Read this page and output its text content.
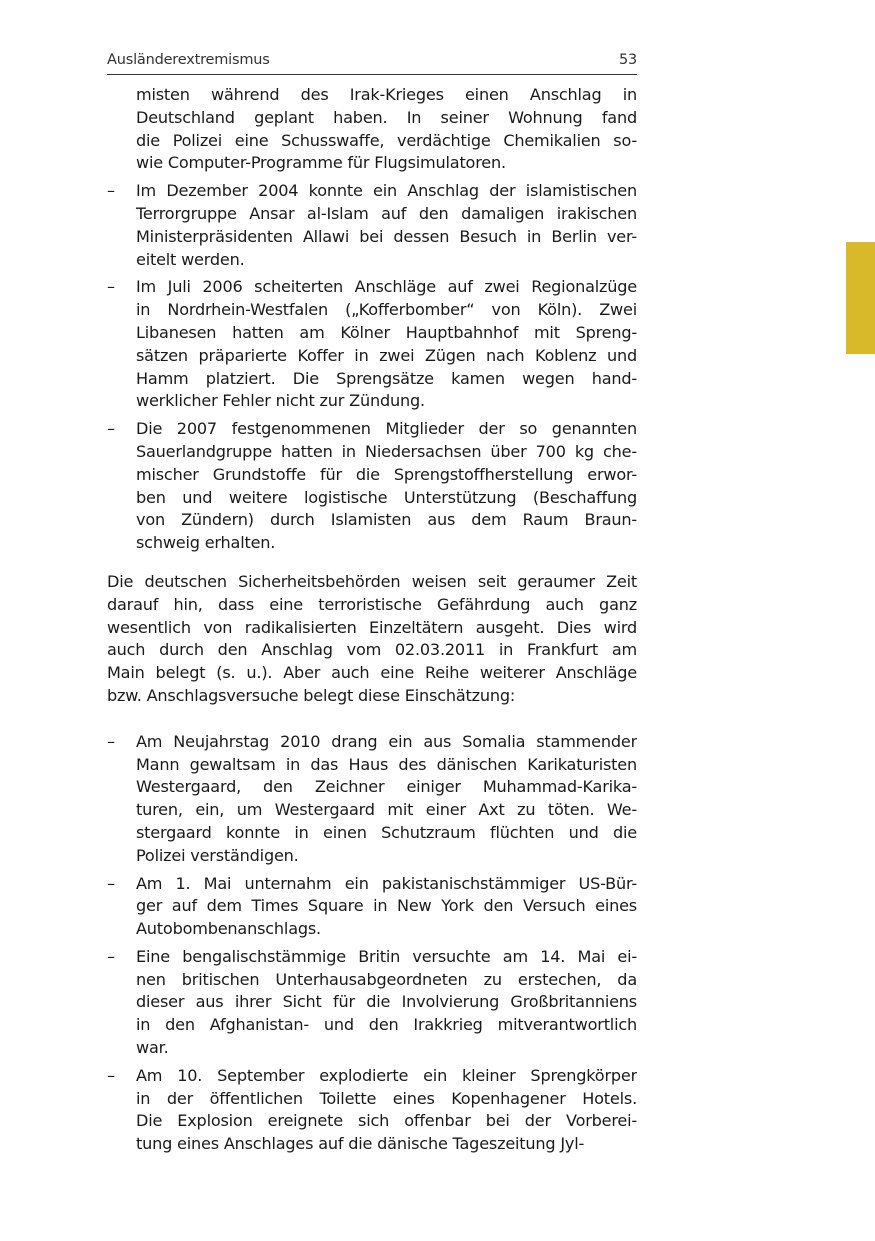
Ausländerextremismus	53
misten während des Irak-Krieges einen Anschlag in
Deutschland geplant haben. In seiner Wohnung fand
die Polizei eine Schusswaffe, verdächtige Chemikalien so-
wie Computer-Programme für Flugsimulatoren.
–	Im Dezember 2004 konnte ein Anschlag der islamistischen
Terrorgruppe Ansar al-Islam auf den damaligen irakischen
Ministerpräsidenten Allawi bei dessen Besuch in Berlin ver-
eitelt werden.
–	Im Juli 2006 scheiterten Anschläge auf zwei Regionalzüge
in Nordrhein-Westfalen („Kofferbomber“ von Köln). Zwei
Libanesen hatten am Kölner Hauptbahnhof mit Spreng-
sätzen präparierte Koffer in zwei Zügen nach Koblenz und
Hamm platziert. Die Sprengsätze kamen wegen hand-
werklicher Fehler nicht zur Zündung.
–	Die 2007 festgenommenen Mitglieder der so genannten
Sauerlandgruppe hatten in Niedersachsen über 700 kg che-
mischer Grundstoffe für die Sprengstoffherstellung erwor-
ben und weitere logistische Unterstützung (Beschaffung
von Zündern) durch Islamisten aus dem Raum Braun-
schweig erhalten.
Die deutschen Sicherheitsbehörden weisen seit geraumer Zeit
darauf hin, dass eine terroristische Gefährdung auch ganz
wesentlich von radikalisierten Einzeltätern ausgeht. Dies wird
auch durch den Anschlag vom 02.03.2011 in Frankfurt am
Main belegt (s. u.). Aber auch eine Reihe weiterer Anschläge
bzw. Anschlagsversuche belegt diese Einschätzung:
–	Am Neujahrstag 2010 drang ein aus Somalia stammender
Mann gewaltsam in das Haus des dänischen Karikaturisten
Westergaard, den Zeichner einiger Muhammad-Karika-
turen, ein, um Westergaard mit einer Axt zu töten. We-
stergaard konnte in einen Schutzraum flüchten und die
Polizei verständigen.
–	Am 1. Mai unternahm ein pakistanischstämmiger US-Bür-
ger auf dem Times Square in New York den Versuch eines
Autobombenanschlags.
–	Eine bengalischstämmige Britin versuchte am 14. Mai ei-
nen britischen Unterhausabgeordneten zu erstechen, da
dieser aus ihrer Sicht für die Involvierung Großbritanniens
in den Afghanistan- und den Irakkrieg mitverantwortlich
war.
–	Am 10. September explodierte ein kleiner Sprengkörper
in der öffentlichen Toilette eines Kopenhagener Hotels.
Die Explosion ereignete sich offenbar bei der Vorberei-
tung eines Anschlages auf die dänische Tageszeitung Jyl-
